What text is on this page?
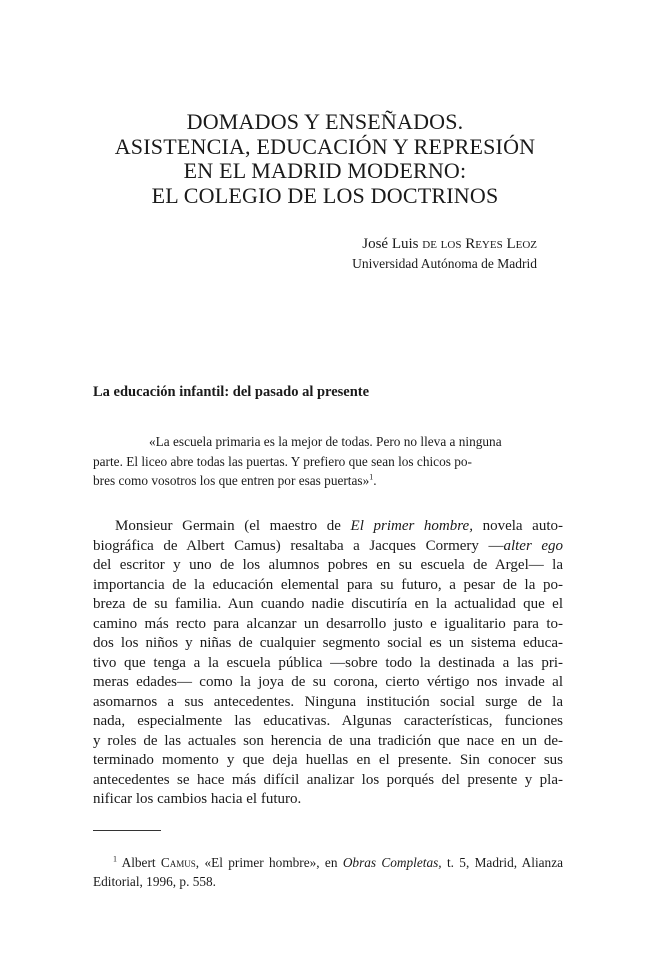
DOMADOS Y ENSEÑADOS.
ASISTENCIA, EDUCACIÓN Y REPRESIÓN
EN EL MADRID MODERNO:
EL COLEGIO DE LOS DOCTRINOS
José Luis de los Reyes Leoz
Universidad Autónoma de Madrid
La educación infantil: del pasado al presente
«La escuela primaria es la mejor de todas. Pero no lleva a ninguna
parte. El liceo abre todas las puertas. Y prefiero que sean los chicos po-
bres como vosotros los que entren por esas puertas»$^1$.
Monsieur Germain (el maestro de El primer hombre, novela auto-
biográfica de Albert Camus) resaltaba a Jacques Cormery —alter ego
del escritor y uno de los alumnos pobres en su escuela de Argel— la
importancia de la educación elemental para su futuro, a pesar de la po-
breza de su familia. Aun cuando nadie discutiría en la actualidad que el
camino más recto para alcanzar un desarrollo justo e igualitario para to-
dos los niños y niñas de cualquier segmento social es un sistema educa-
tivo que tenga a la escuela pública —sobre todo la destinada a las pri-
meras edades— como la joya de su corona, cierto vértigo nos invade al
asomarnos a sus antecedentes. Ninguna institución social surge de la
nada, especialmente las educativas. Algunas características, funciones
y roles de las actuales son herencia de una tradición que nace en un de-
terminado momento y que deja huellas en el presente. Sin conocer sus
antecedentes se hace más difícil analizar los porqués del presente y pla-
nificar los cambios hacia el futuro.
$^1$ Albert Camus, «El primer hombre», en Obras Completas, t. 5, Madrid, Alianza
Editorial, 1996, p. 558.
